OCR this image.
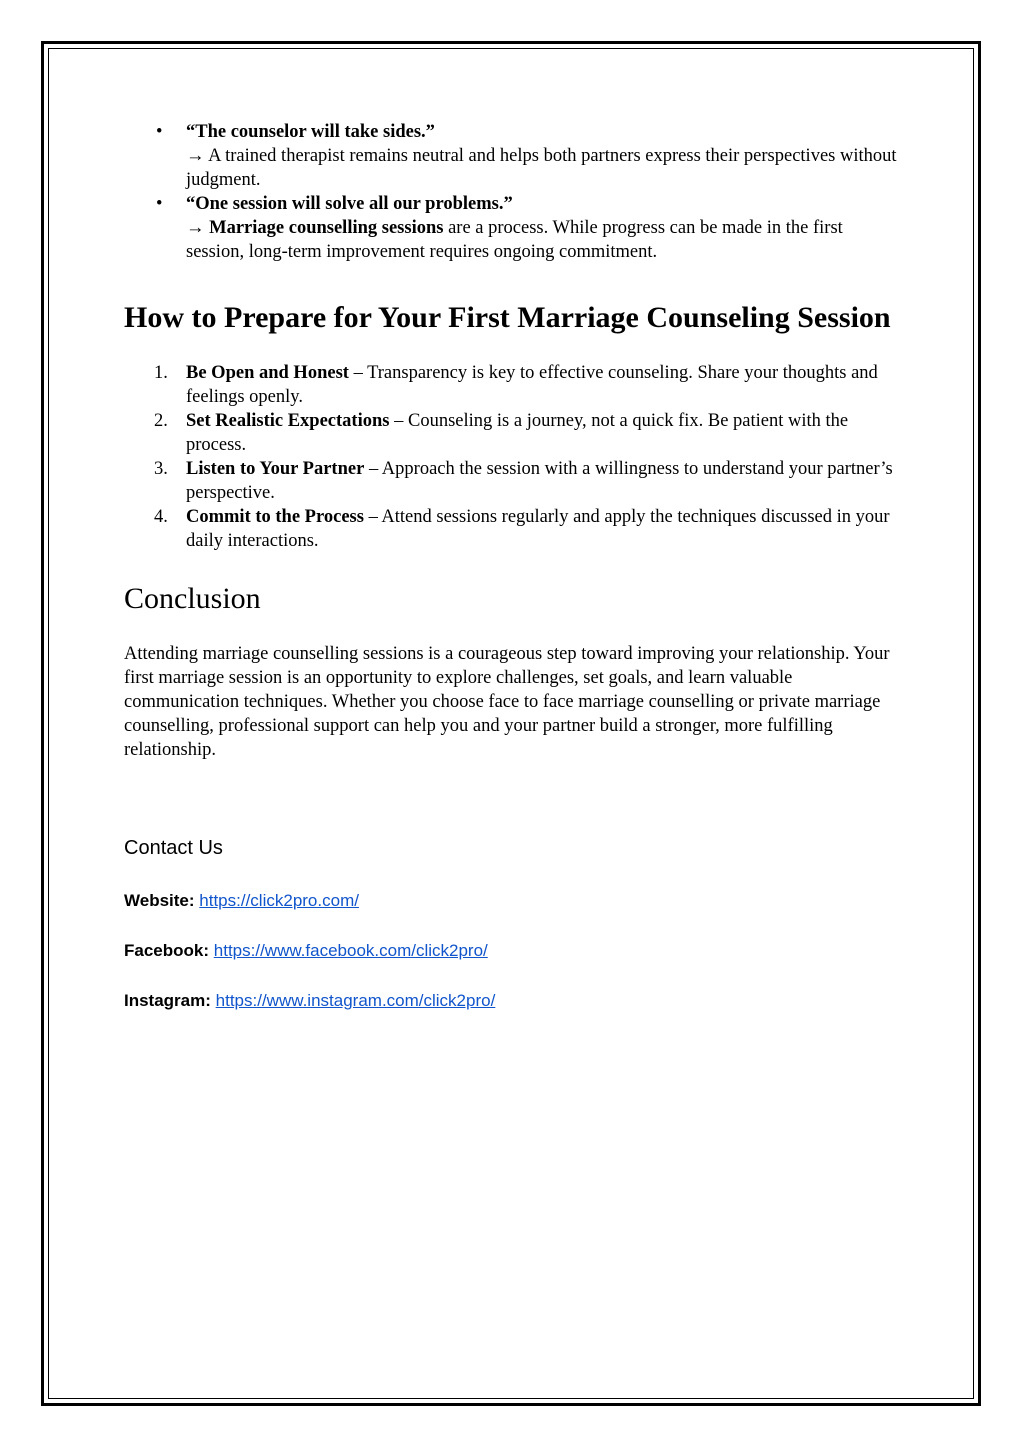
• “The counselor will take sides.”
→ A trained therapist remains neutral and helps both partners express their perspectives without judgment.
• “One session will solve all our problems.”
→ Marriage counselling sessions are a process. While progress can be made in the first session, long-term improvement requires ongoing commitment.
How to Prepare for Your First Marriage Counseling Session
1. Be Open and Honest – Transparency is key to effective counseling. Share your thoughts and feelings openly.
2. Set Realistic Expectations – Counseling is a journey, not a quick fix. Be patient with the process.
3. Listen to Your Partner – Approach the session with a willingness to understand your partner’s perspective.
4. Commit to the Process – Attend sessions regularly and apply the techniques discussed in your daily interactions.
Conclusion

Attending marriage counselling sessions is a courageous step toward improving your relationship. Your first marriage session is an opportunity to explore challenges, set goals, and learn valuable communication techniques. Whether you choose face to face marriage counselling or private marriage counselling, professional support can help you and your partner build a stronger, more fulfilling relationship.

Contact Us
Website: https://click2pro.com/
Facebook: https://www.facebook.com/click2pro/
Instagram: https://www.instagram.com/click2pro/
